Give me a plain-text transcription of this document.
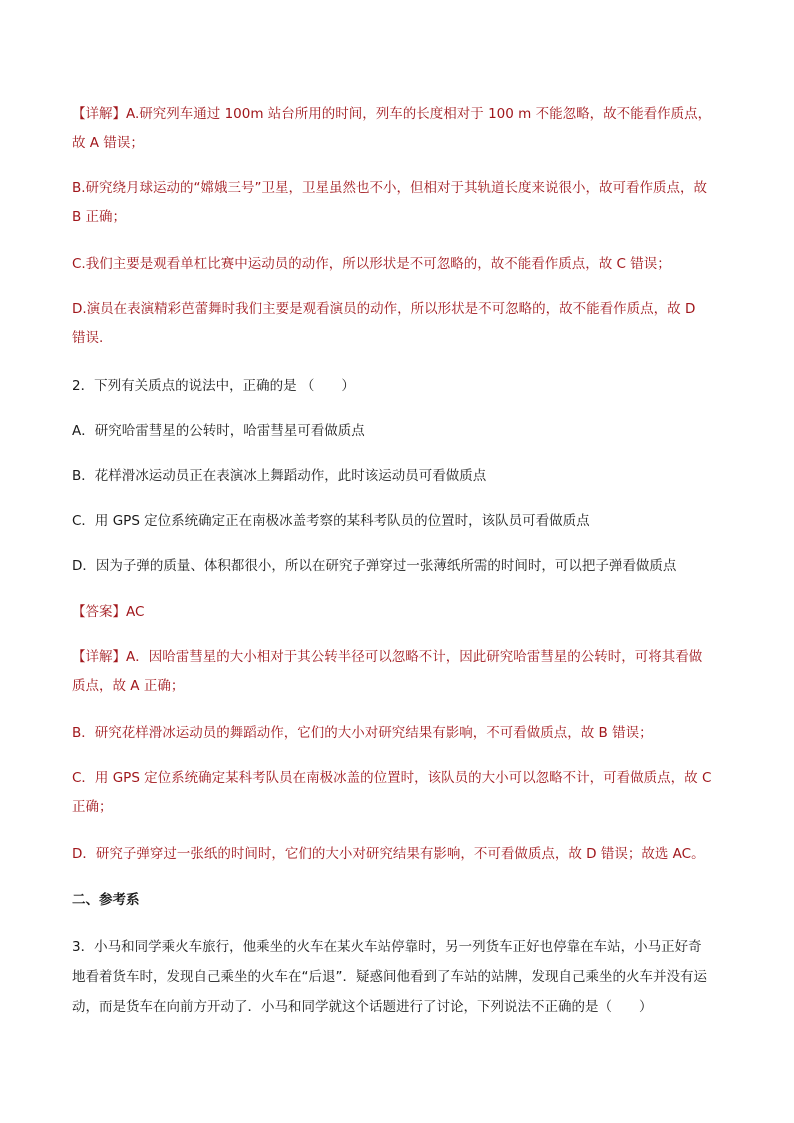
【详解】A.研究列车通过 100m 站台所用的时间，列车的长度相对于 100 m 不能忽略，故不能看作质点，
故 A 错误；
B.研究绕月球运动的“嫦娥三号”卫星，卫星虽然也不小，但相对于其轨道长度来说很小，故可看作质点，故
B 正确；
C.我们主要是观看单杠比赛中运动员的动作，所以形状是不可忽略的，故不能看作质点，故 C 错误；
D.演员在表演精彩芭蕾舞时我们主要是观看演员的动作，所以形状是不可忽略的，故不能看作质点，故 D
错误.
2．下列有关质点的说法中，正确的是 （　　）
A．研究哈雷彗星的公转时，哈雷彗星可看做质点
B．花样滑冰运动员正在表演冰上舞蹈动作，此时该运动员可看做质点
C．用 GPS 定位系统确定正在南极冰盖考察的某科考队员的位置时，该队员可看做质点
D．因为子弹的质量、体积都很小，所以在研究子弹穿过一张薄纸所需的时间时，可以把子弹看做质点
【答案】AC
【详解】A．因哈雷彗星的大小相对于其公转半径可以忽略不计，因此研究哈雷彗星的公转时，可将其看做
质点，故 A 正确；
B．研究花样滑冰运动员的舞蹈动作，它们的大小对研究结果有影响，不可看做质点，故 B 错误；
C．用 GPS 定位系统确定某科考队员在南极冰盖的位置时，该队员的大小可以忽略不计，可看做质点，故 C
正确；
D．研究子弹穿过一张纸的时间时，它们的大小对研究结果有影响，不可看做质点，故 D 错误；故选 AC。
二、参考系
3．小马和同学乘火车旅行，他乘坐的火车在某火车站停靠时，另一列货车正好也停靠在车站，小马正好奇
地看着货车时，发现自己乘坐的火车在“后退”．疑惑间他看到了车站的站牌，发现自己乘坐的火车并没有运
动，而是货车在向前方开动了．小马和同学就这个话题进行了讨论，下列说法不正确的是（　　）
